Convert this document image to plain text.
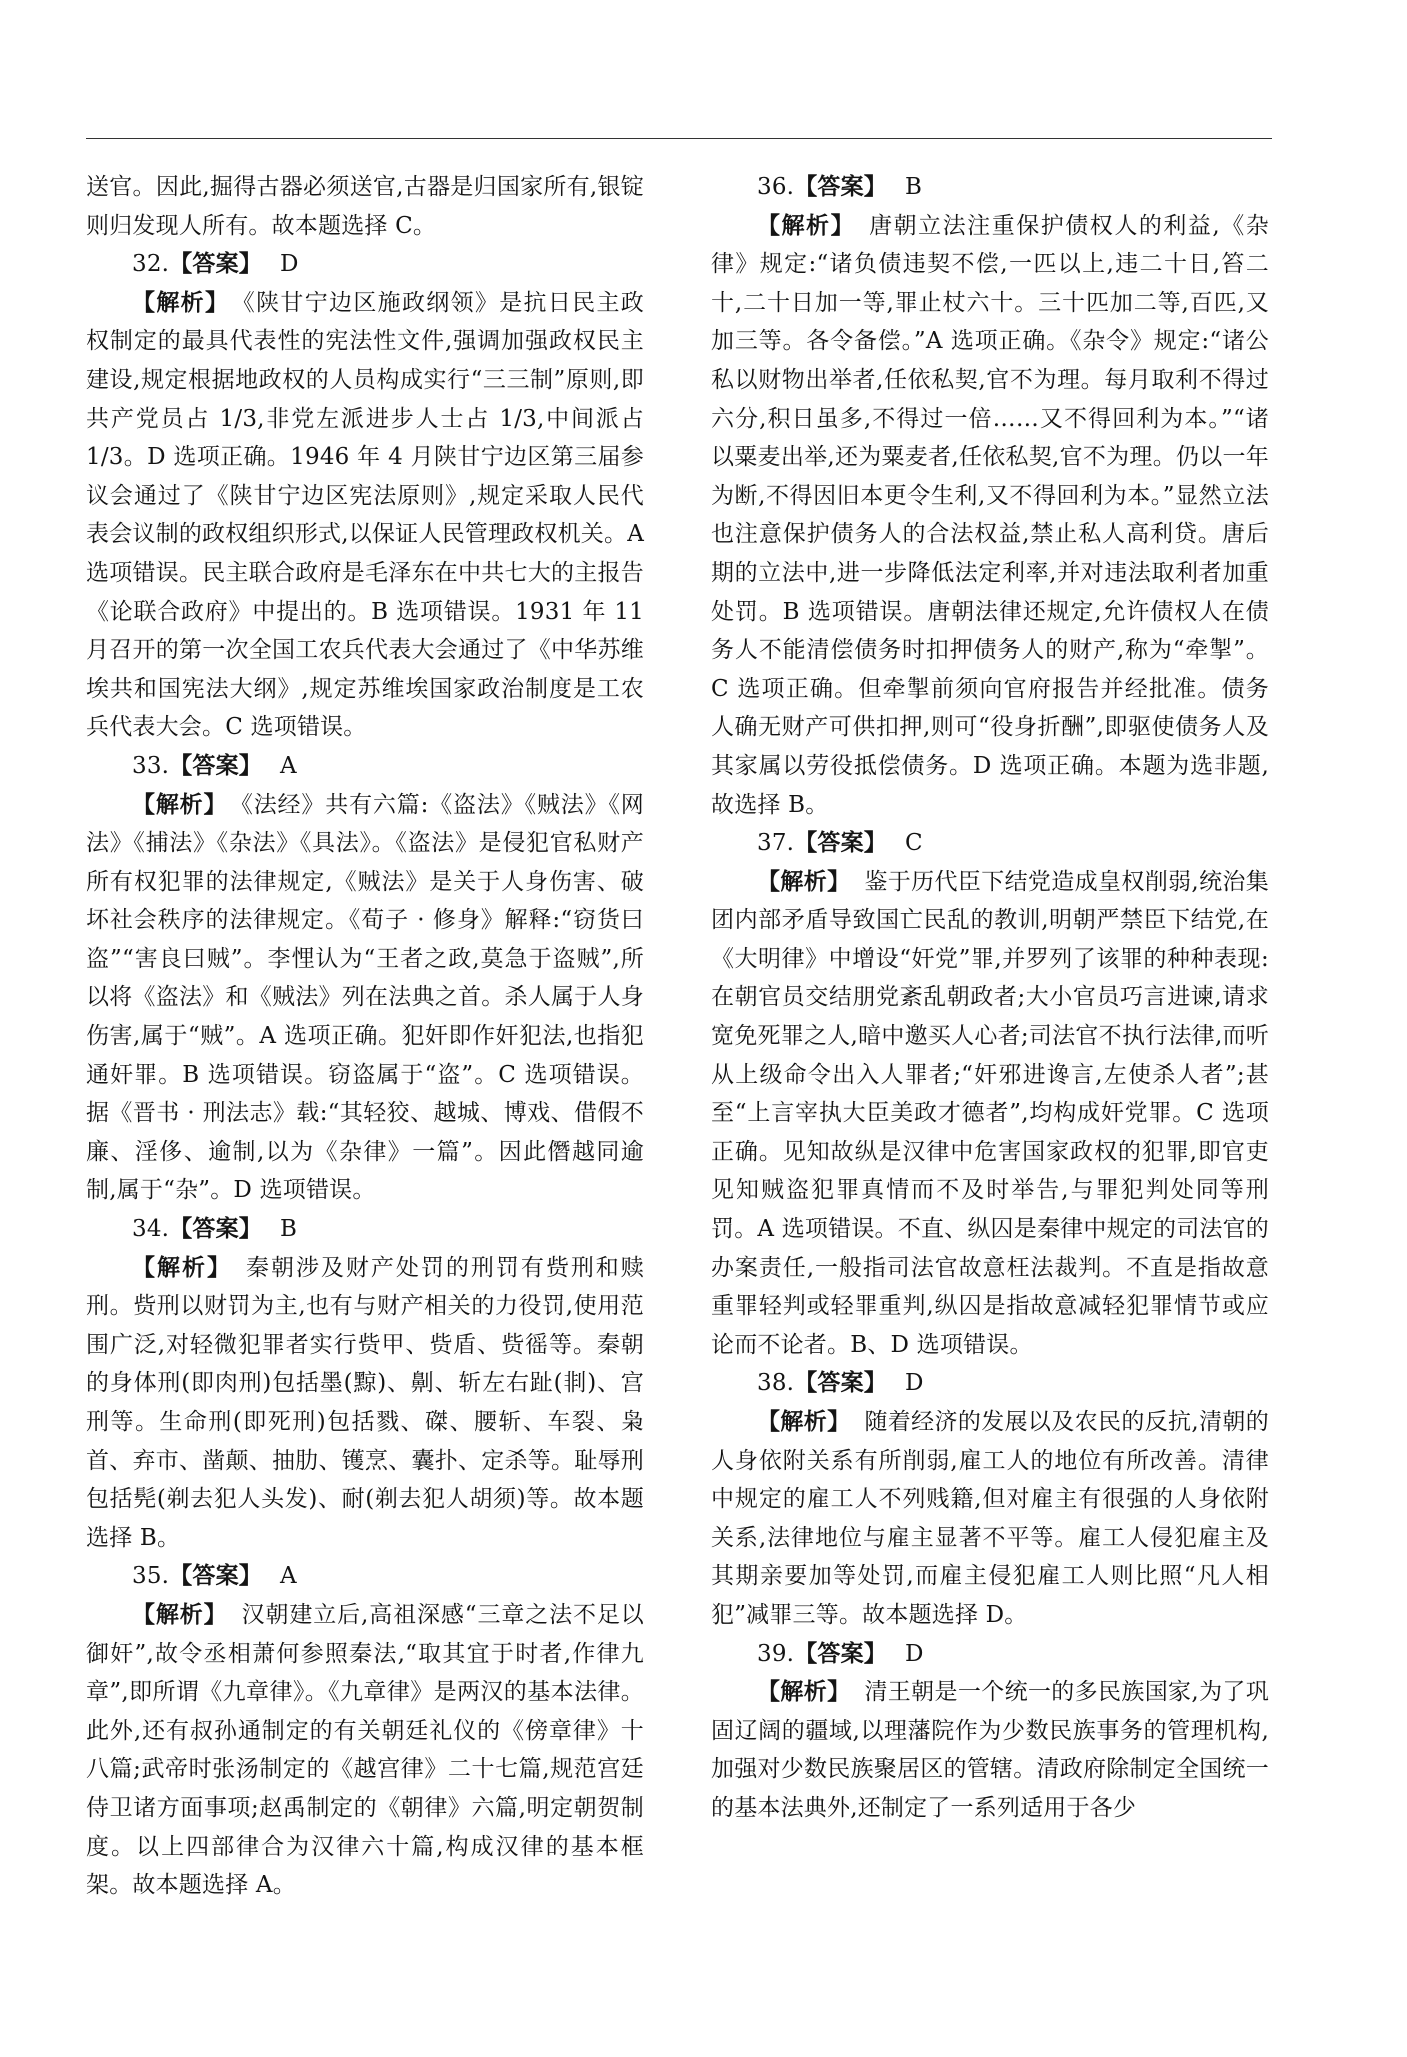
送官。因此,掘得古器必须送官,古器是归国家所有,银锭则归发现人所有。故本题选择 C。

32.【答案】 D

【解析】 《陕甘宁边区施政纲领》是抗日民主政权制定的最具代表性的宪法性文件,强调加强政权民主建设,规定根据地政权的人员构成实行“三三制”原则,即共产党员占 1/3,非党左派进步人士占 1/3,中间派占 1/3。D 选项正确。1946 年 4 月陕甘宁边区第三届参议会通过了《陕甘宁边区宪法原则》,规定采取人民代表会议制的政权组织形式,以保证人民管理政权机关。A 选项错误。民主联合政府是毛泽东在中共七大的主报告《论联合政府》中提出的。B 选项错误。1931 年 11 月召开的第一次全国工农兵代表大会通过了《中华苏维埃共和国宪法大纲》,规定苏维埃国家政治制度是工农兵代表大会。C 选项错误。

33.【答案】 A

【解析】 《法经》共有六篇:《盗法》《贼法》《网法》《捕法》《杂法》《具法》。《盗法》是侵犯官私财产所有权犯罪的法律规定,《贼法》是关于人身伤害、破坏社会秩序的法律规定。《荀子 · 修身》解释:“窃货曰盗”“害良曰贼”。李悝认为“王者之政,莫急于盗贼”,所以将《盗法》和《贼法》列在法典之首。杀人属于人身伤害,属于“贼”。A 选项正确。犯奸即作奸犯法,也指犯通奸罪。B 选项错误。窃盗属于“盗”。C 选项错误。据《晋书 · 刑法志》载:“其轻狡、越城、博戏、借假不廉、淫侈、逾制,以为《杂律》一篇”。因此僭越同逾制,属于“杂”。D 选项错误。

34.【答案】 B

【解析】 秦朝涉及财产处罚的刑罚有赀刑和赎刑。赀刑以财罚为主,也有与财产相关的力役罚,使用范围广泛,对轻微犯罪者实行赀甲、赀盾、赀徭等。秦朝的身体刑(即肉刑)包括墨(黥)、劓、斩左右趾(剕)、宫刑等。生命刑(即死刑)包括戮、磔、腰斩、车裂、枭首、弃市、凿颠、抽肋、镬烹、囊扑、定杀等。耻辱刑包括髡(剃去犯人头发)、耐(剃去犯人胡须)等。故本题选择 B。

35.【答案】 A

【解析】 汉朝建立后,高祖深感“三章之法不足以御奸”,故令丞相萧何参照秦法,“取其宜于时者,作律九章”,即所谓《九章律》。《九章律》是两汉的基本法律。此外,还有叔孙通制定的有关朝廷礼仪的《傍章律》十八篇;武帝时张汤制定的《越宫律》二十七篇,规范宫廷侍卫诸方面事项;赵禹制定的《朝律》六篇,明定朝贺制度。以上四部律合为汉律六十篇,构成汉律的基本框架。故本题选择 A。

36.【答案】 B

【解析】 唐朝立法注重保护债权人的利益,《杂律》规定:“诸负债违契不偿,一匹以上,违二十日,笞二十,二十日加一等,罪止杖六十。三十匹加二等,百匹,又加三等。各令备偿。”A 选项正确。《杂令》规定:“诸公私以财物出举者,任依私契,官不为理。每月取利不得过六分,积日虽多,不得过一倍……又不得回利为本。”“诸以粟麦出举,还为粟麦者,任依私契,官不为理。仍以一年为断,不得因旧本更令生利,又不得回利为本。”显然立法也注意保护债务人的合法权益,禁止私人高利贷。唐后期的立法中,进一步降低法定利率,并对违法取利者加重处罚。B 选项错误。唐朝法律还规定,允许债权人在债务人不能清偿债务时扣押债务人的财产,称为“牵掣”。C 选项正确。但牵掣前须向官府报告并经批准。债务人确无财产可供扣押,则可“役身折酬”,即驱使债务人及其家属以劳役抵偿债务。D 选项正确。本题为选非题,故选择 B。

37.【答案】 C

【解析】 鉴于历代臣下结党造成皇权削弱,统治集团内部矛盾导致国亡民乱的教训,明朝严禁臣下结党,在《大明律》中增设“奸党”罪,并罗列了该罪的种种表现:在朝官员交结朋党紊乱朝政者;大小官员巧言进谏,请求宽免死罪之人,暗中邀买人心者;司法官不执行法律,而听从上级命令出入人罪者;“奸邪进谗言,左使杀人者”;甚至“上言宰执大臣美政才德者”,均构成奸党罪。C 选项正确。见知故纵是汉律中危害国家政权的犯罪,即官吏见知贼盗犯罪真情而不及时举告,与罪犯判处同等刑罚。A 选项错误。不直、纵囚是秦律中规定的司法官的办案责任,一般指司法官故意枉法裁判。不直是指故意重罪轻判或轻罪重判,纵囚是指故意减轻犯罪情节或应论而不论者。B、D 选项错误。

38.【答案】 D

【解析】 随着经济的发展以及农民的反抗,清朝的人身依附关系有所削弱,雇工人的地位有所改善。清律中规定的雇工人不列贱籍,但对雇主有很强的人身依附关系,法律地位与雇主显著不平等。雇工人侵犯雇主及其期亲要加等处罚,而雇主侵犯雇工人则比照“凡人相犯”减罪三等。故本题选择 D。

39.【答案】 D

【解析】 清王朝是一个统一的多民族国家,为了巩固辽阔的疆域,以理藩院作为少数民族事务的管理机构,加强对少数民族聚居区的管辖。清政府除制定全国统一的基本法典外,还制定了一系列适用于各少
